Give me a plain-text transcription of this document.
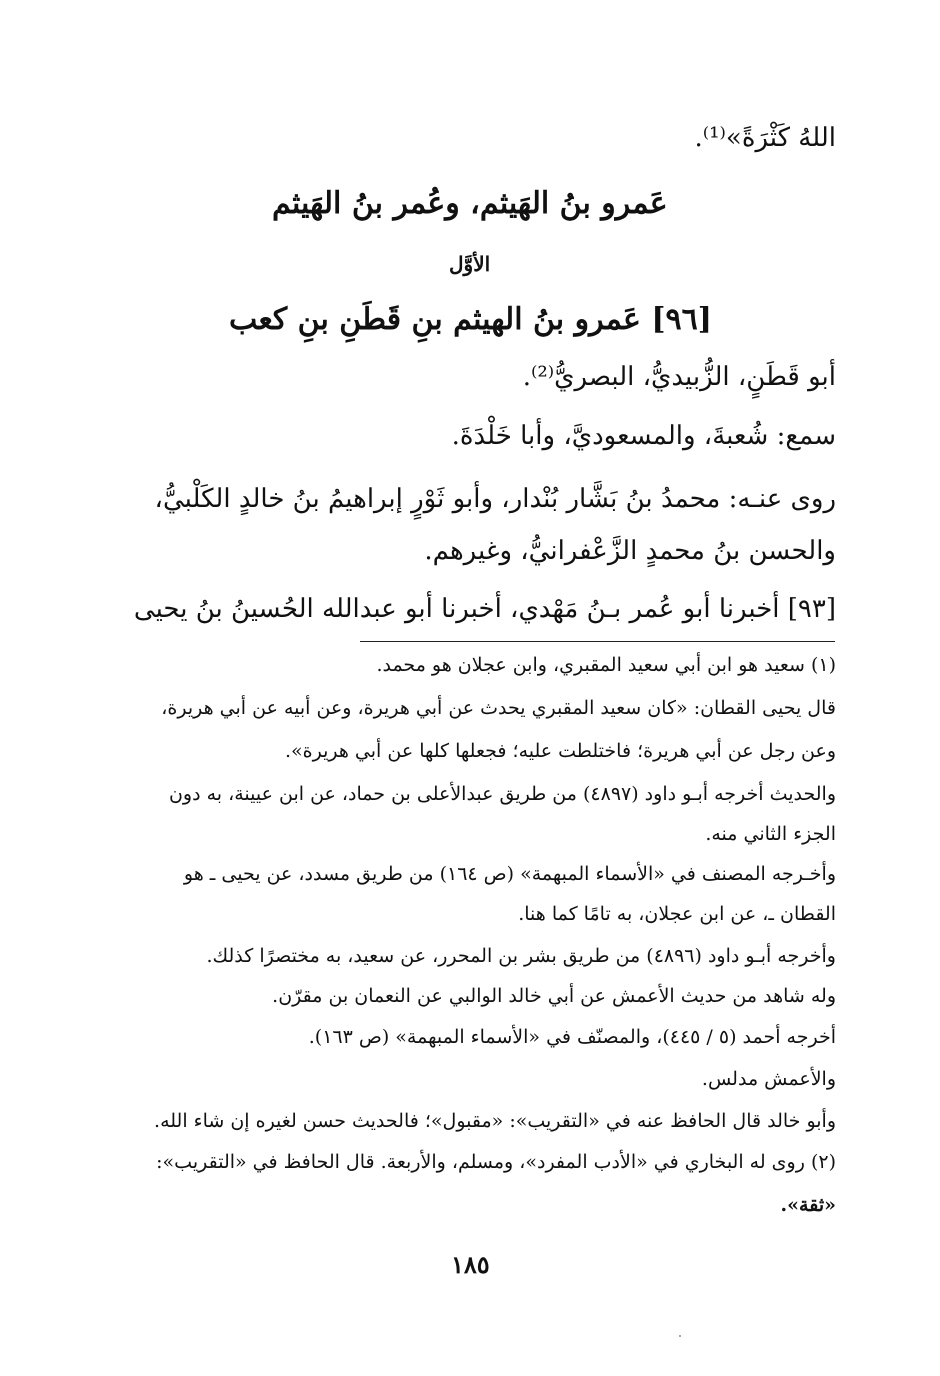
اللهُ كَثْرَةً»⁽¹⁾.
عَمرو بنُ الهَيثم، وعُمر بنُ الهَيثم
الأوَّل
[٩٦] عَمرو بنُ الهيثم بنِ قَطَنِ بنِ كعب
أبو قَطَنٍ، الزُّبيديُّ، البصريُّ⁽²⁾.
سمع: شُعبةَ، والمسعوديَّ، وأبا خَلْدَةَ.
روى عنـه: محمدُ بنُ بَشَّار بُنْدار، وأبو ثَوْرٍ إبراهيمُ بنُ خالدٍ الكَلْبيُّ،
والحسن بنُ محمدٍ الزَّعْفرانيُّ، وغيرهم.
[٩٣] أخبرنا أبو عُمر بـنُ مَهْدي، أخبرنا أبو عبدالله الحُسينُ بنُ يحيى
(١) سعيد هو ابن أبي سعيد المقبري، وابن عجلان هو محمد.
قال يحيى القطان: «كان سعيد المقبري يحدث عن أبي هريرة، وعن أبيه عن أبي هريرة،
وعن رجل عن أبي هريرة؛ فاختلطت عليه؛ فجعلها كلها عن أبي هريرة».
والحديث أخرجه أبـو داود (٤٨٩٧) من طريق عبدالأعلى بن حماد، عن ابن عيينة، به دون
الجزء الثاني منه.
وأخـرجه المصنف في «الأسماء المبهمة» (ص ١٦٤) من طريق مسدد، عن يحيى ـ هو
القطان ـ، عن ابن عجلان، به تامًا كما هنا.
وأخرجه أبـو داود (٤٨٩٦) من طريق بشر بن المحرر، عن سعيد، به مختصرًا كذلك.
وله شاهد من حديث الأعمش عن أبي خالد الوالبي عن النعمان بن مقرّن.
أخرجه أحمد (٥ / ٤٤٥)، والمصنّف في «الأسماء المبهمة» (ص ١٦٣).
والأعمش مدلس.
وأبو خالد قال الحافظ عنه في «التقريب»: «مقبول»؛ فالحديث حسن لغيره إن شاء الله.
(٢) روى له البخاري في «الأدب المفرد»، ومسلم، والأربعة. قال الحافظ في «التقريب»:
«ثقة».
١٨٥
